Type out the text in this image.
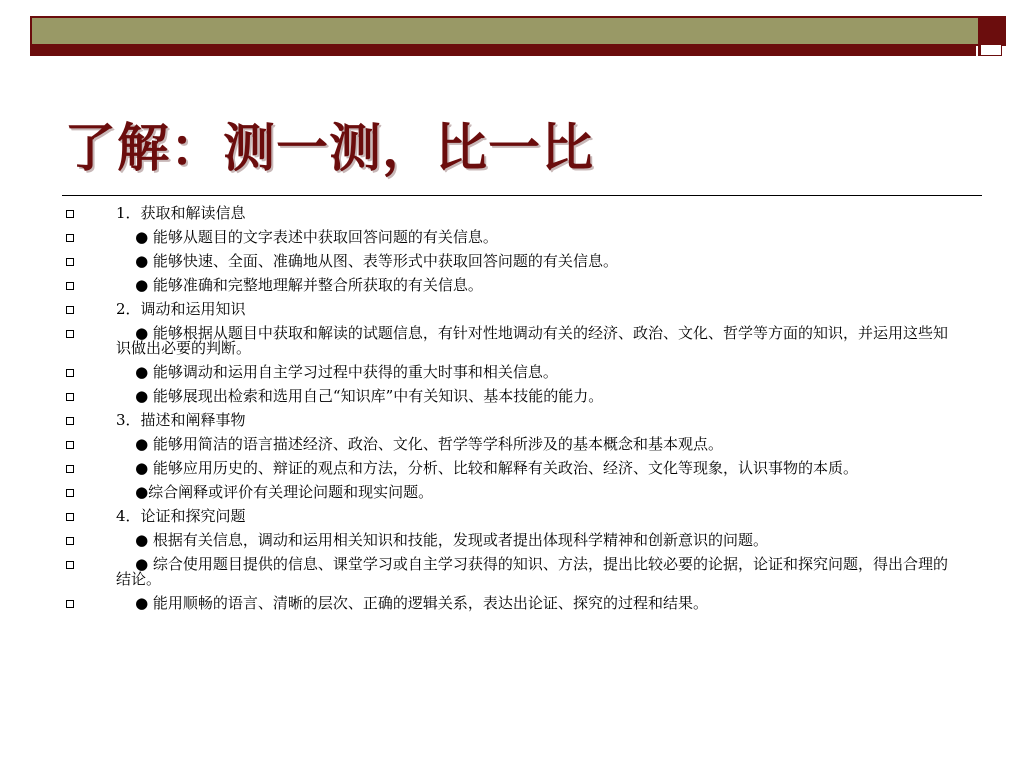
了解：测一测，比一比
1．获取和解读信息
● 能够从题目的文字表述中获取回答问题的有关信息。
● 能够快速、全面、准确地从图、表等形式中获取回答问题的有关信息。
● 能够准确和完整地理解并整合所获取的有关信息。
2．调动和运用知识
● 能够根据从题目中获取和解读的试题信息，有针对性地调动有关的经济、政治、文化、哲学等方面的知识，并运用这些知识做出必要的判断。
● 能够调动和运用自主学习过程中获得的重大时事和相关信息。
● 能够展现出检索和选用自己“知识库”中有关知识、基本技能的能力。
3．描述和阐释事物
● 能够用简洁的语言描述经济、政治、文化、哲学等学科所涉及的基本概念和基本观点。
● 能够应用历史的、辩证的观点和方法，分析、比较和解释有关政治、经济、文化等现象，认识事物的本质。
●综合阐释或评价有关理论问题和现实问题。
4．论证和探究问题
● 根据有关信息，调动和运用相关知识和技能，发现或者提出体现科学精神和创新意识的问题。
● 综合使用题目提供的信息、课堂学习或自主学习获得的知识、方法，提出比较必要的论据，论证和探究问题，得出合理的结论。
● 能用顺畅的语言、清晰的层次、正确的逻辑关系，表达出论证、探究的过程和结果。
